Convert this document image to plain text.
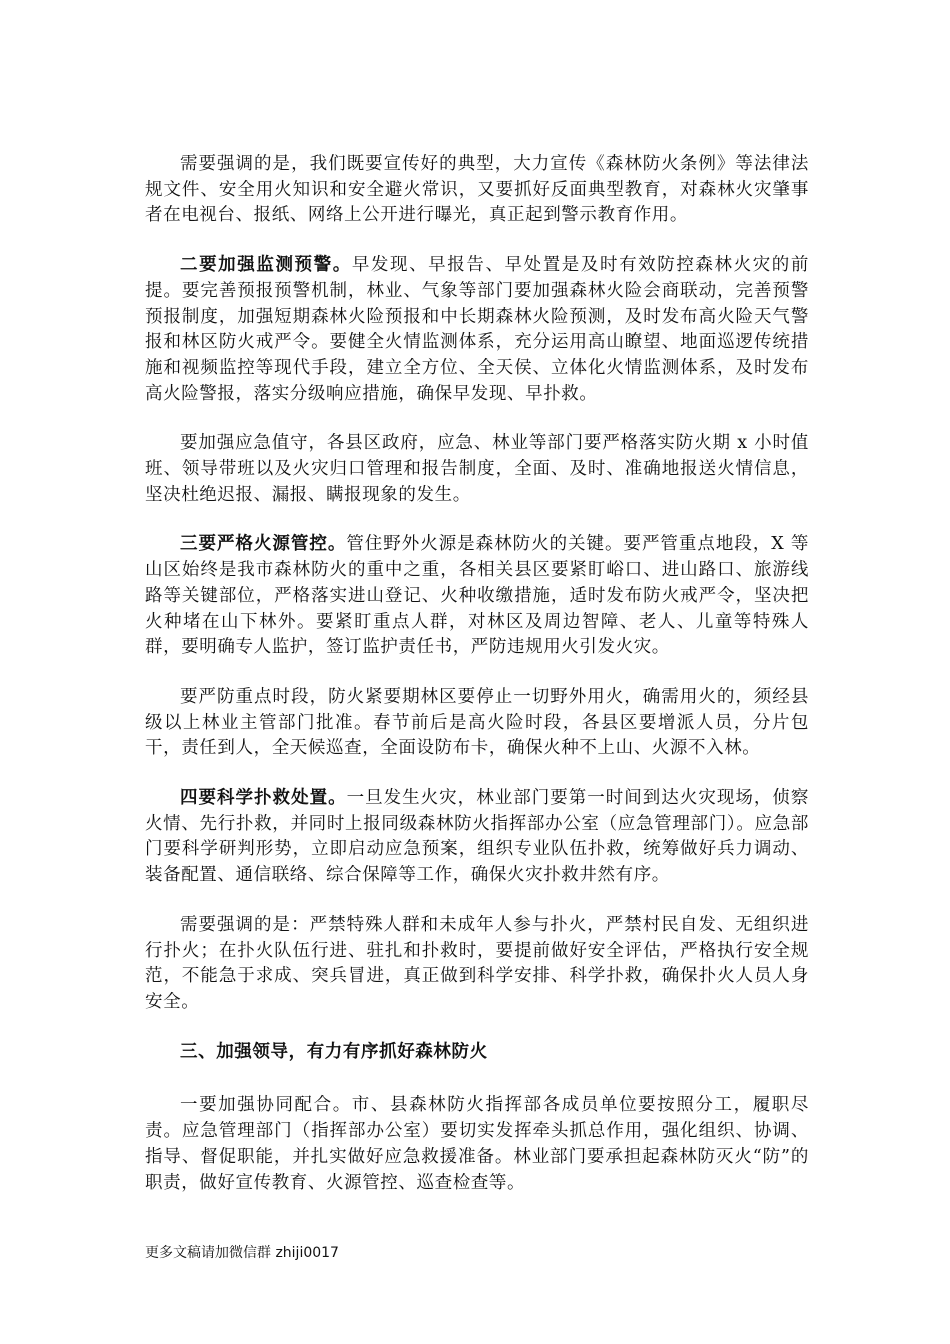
需要强调的是，我们既要宣传好的典型，大力宣传《森林防火条例》等法律法规文件、安全用火知识和安全避火常识，又要抓好反面典型教育，对森林火灾肇事者在电视台、报纸、网络上公开进行曝光，真正起到警示教育作用。

二要加强监测预警。早发现、早报告、早处置是及时有效防控森林火灾的前提。要完善预报预警机制，林业、气象等部门要加强森林火险会商联动，完善预警预报制度，加强短期森林火险预报和中长期森林火险预测，及时发布高火险天气警报和林区防火戒严令。要健全火情监测体系，充分运用高山瞭望、地面巡逻传统措施和视频监控等现代手段，建立全方位、全天侯、立体化火情监测体系，及时发布高火险警报，落实分级响应措施，确保早发现、早扑救。

要加强应急值守，各县区政府，应急、林业等部门要严格落实防火期 x 小时值班、领导带班以及火灾归口管理和报告制度，全面、及时、准确地报送火情信息，坚决杜绝迟报、漏报、瞒报现象的发生。

三要严格火源管控。管住野外火源是森林防火的关键。要严管重点地段，X 等山区始终是我市森林防火的重中之重，各相关县区要紧盯峪口、进山路口、旅游线路等关键部位，严格落实进山登记、火种收缴措施，适时发布防火戒严令，坚决把火种堵在山下林外。要紧盯重点人群，对林区及周边智障、老人、儿童等特殊人群，要明确专人监护，签订监护责任书，严防违规用火引发火灾。

要严防重点时段，防火紧要期林区要停止一切野外用火，确需用火的，须经县级以上林业主管部门批准。春节前后是高火险时段，各县区要增派人员，分片包干，责任到人，全天候巡查，全面设防布卡，确保火种不上山、火源不入林。

四要科学扑救处置。一旦发生火灾，林业部门要第一时间到达火灾现场，侦察火情、先行扑救，并同时上报同级森林防火指挥部办公室（应急管理部门）。应急部门要科学研判形势，立即启动应急预案，组织专业队伍扑救，统筹做好兵力调动、装备配置、通信联络、综合保障等工作，确保火灾扑救井然有序。

需要强调的是：严禁特殊人群和未成年人参与扑火，严禁村民自发、无组织进行扑火；在扑火队伍行进、驻扎和扑救时，要提前做好安全评估，严格执行安全规范，不能急于求成、突兵冒进，真正做到科学安排、科学扑救，确保扑火人员人身安全。

三、加强领导，有力有序抓好森林防火

一要加强协同配合。市、县森林防火指挥部各成员单位要按照分工，履职尽责。应急管理部门（指挥部办公室）要切实发挥牵头抓总作用，强化组织、协调、指导、督促职能，并扎实做好应急救援准备。林业部门要承担起森林防灭火“防”的职责，做好宣传教育、火源管控、巡查检查等。

更多文稿请加微信群 zhiji0017
